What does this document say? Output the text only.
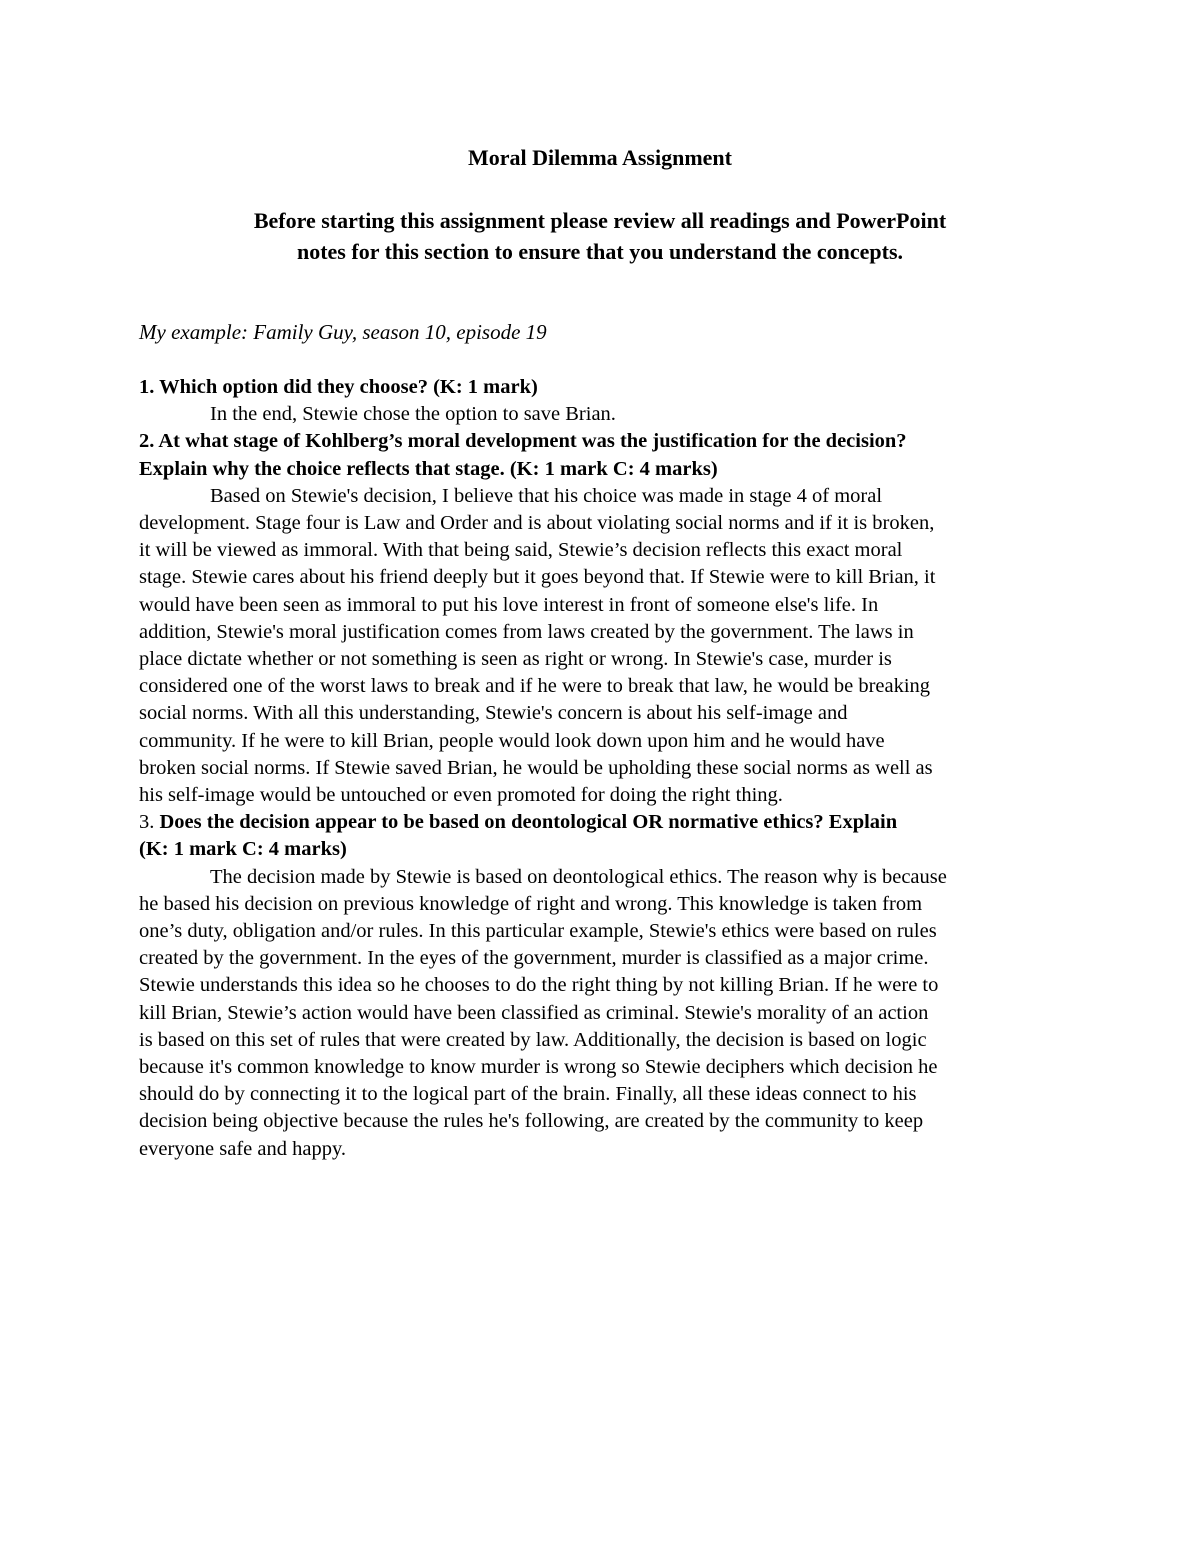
Moral Dilemma Assignment
Before starting this assignment please review all readings and PowerPoint
notes for this section to ensure that you understand the concepts.

My example: Family Guy, season 10, episode 19

1. Which option did they choose? (K: 1 mark)

In the end, Stewie chose the option to save Brian.

2. At what stage of Kohlberg’s moral development was the justification for the decision?
Explain why the choice reflects that stage. (K: 1 mark C: 4 marks)

Based on Stewie's decision, I believe that his choice was made in stage 4 of moral
development. Stage four is Law and Order and is about violating social norms and if it is broken,
it will be viewed as immoral. With that being said, Stewie’s decision reflects this exact moral
stage. Stewie cares about his friend deeply but it goes beyond that. If Stewie were to kill Brian, it
would have been seen as immoral to put his love interest in front of someone else's life. In
addition, Stewie's moral justification comes from laws created by the government. The laws in
place dictate whether or not something is seen as right or wrong. In Stewie's case, murder is
considered one of the worst laws to break and if he were to break that law, he would be breaking
social norms. With all this understanding, Stewie's concern is about his self-image and
community. If he were to kill Brian, people would look down upon him and he would have
broken social norms. If Stewie saved Brian, he would be upholding these social norms as well as
his self-image would be untouched or even promoted for doing the right thing.

3. Does the decision appear to be based on deontological OR normative ethics? Explain
(K: 1 mark C: 4 marks)

The decision made by Stewie is based on deontological ethics. The reason why is because
he based his decision on previous knowledge of right and wrong. This knowledge is taken from
one’s duty, obligation and/or rules. In this particular example, Stewie's ethics were based on rules
created by the government. In the eyes of the government, murder is classified as a major crime.
Stewie understands this idea so he chooses to do the right thing by not killing Brian. If he were to
kill Brian, Stewie’s action would have been classified as criminal. Stewie's morality of an action
is based on this set of rules that were created by law. Additionally, the decision is based on logic
because it's common knowledge to know murder is wrong so Stewie deciphers which decision he
should do by connecting it to the logical part of the brain. Finally, all these ideas connect to his
decision being objective because the rules he's following, are created by the community to keep
everyone safe and happy.
